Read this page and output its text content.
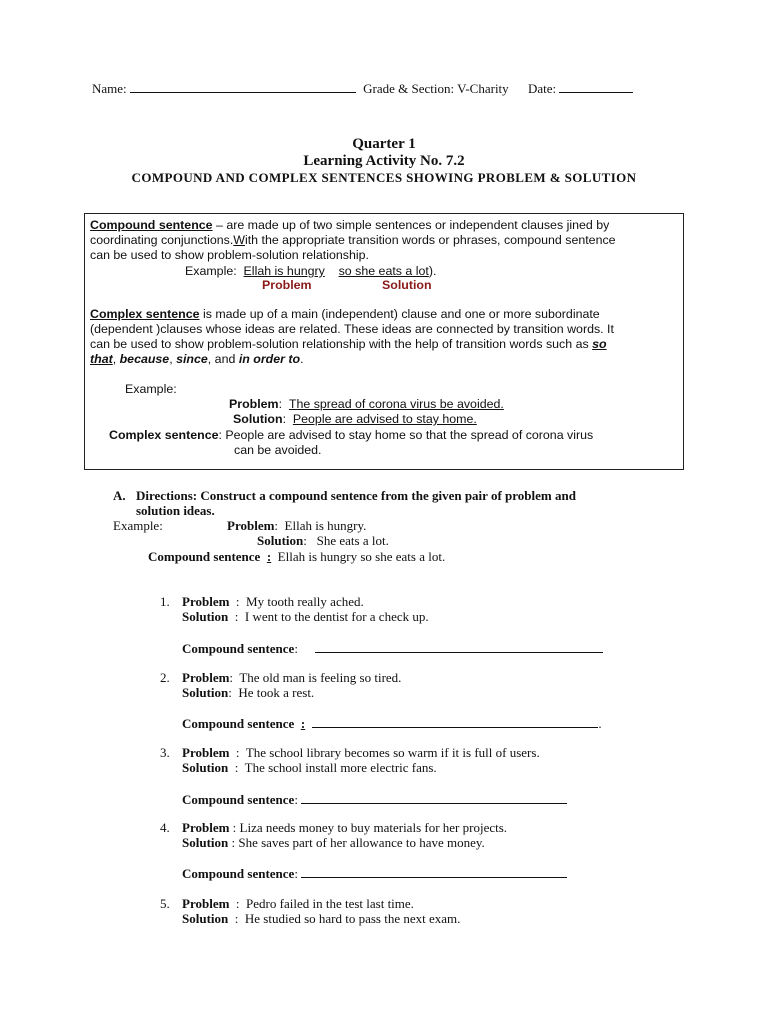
Name:	Grade & Section: V-Charity Date:
Quarter 1
Learning Activity No. 7.2
COMPOUND AND COMPLEX SENTENCES SHOWING PROBLEM & SOLUTION
Compound sentence – are made up of two simple sentences or independent clauses jined by
coordinating conjunctions.With the appropriate transition words or phrases, compound sentence
can be used to show problem-solution relationship.
Example: Ellah is hungry so she eats a lot).
Problem	Solution
Complex sentence is made up of a main (independent) clause and one or more subordinate
(dependent )clauses whose ideas are related. These ideas are connected by transition words. It
can be used to show problem-solution relationship with the help of transition words such as so
that, because, since, and in order to.
Example:
Problem:  The spread of corona virus be avoided.
Solution:  People are advised to stay home.
Complex sentence: People are advised to stay home so that the spread of corona virus
can be avoided.
A. Directions: Construct a compound sentence from the given pair of problem and
solution ideas.
Example:	Problem:  Ellah is hungry.
Solution:   She eats a lot.
Compound sentence : Ellah is hungry so she eats a lot.
1. Problem  :  My tooth really ached.
Solution  :  I went to the dentist for a check up.
Compound sentence:
2. Problem:  The old man is feeling so tired.
Solution:  He took a rest.
Compound sentence :	.
3. Problem  :  The school library becomes so warm if it is full of users.
Solution  :  The school install more electric fans.
Compound sentence:
4. Problem : Liza needs money to buy materials for her projects.
Solution : She saves part of her allowance to have money.
Compound sentence:
5. Problem  :  Pedro failed in the test last time.
Solution  :  He studied so hard to pass the next exam.
